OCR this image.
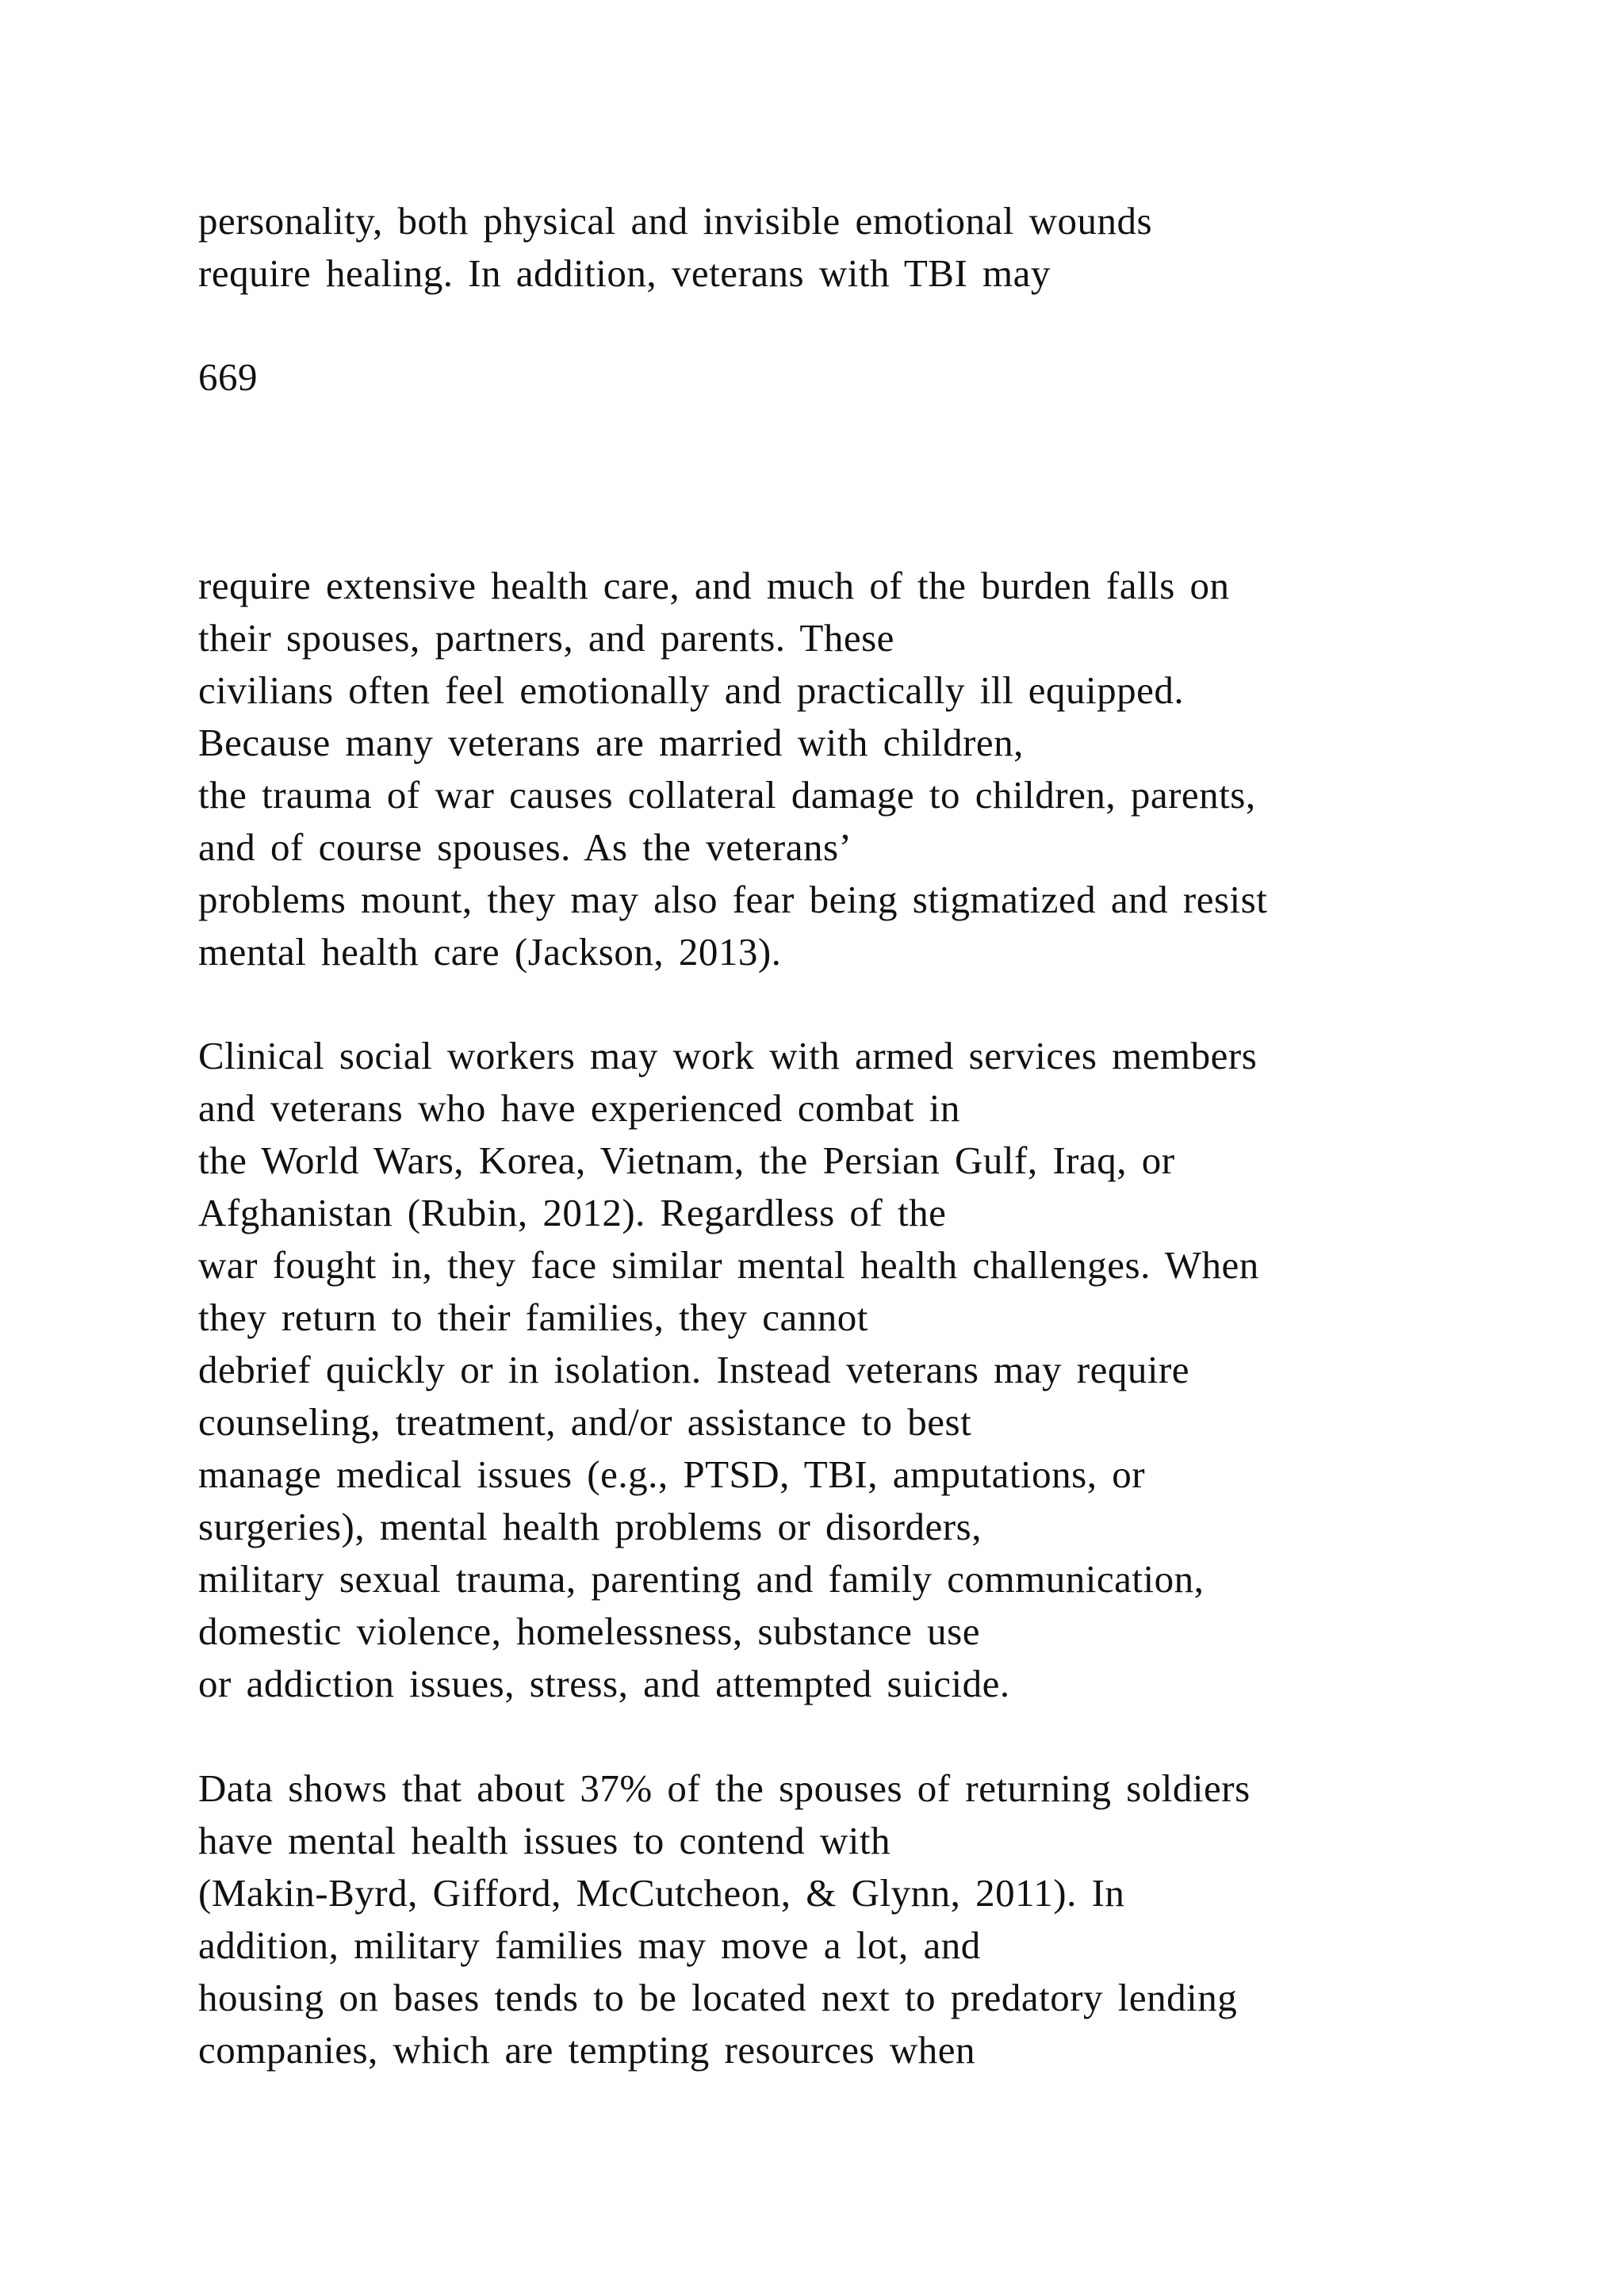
personality, both physical and invisible emotional wounds
require healing. In addition, veterans with TBI may
669
require extensive health care, and much of the burden falls on
their spouses, partners, and parents. These
civilians often feel emotionally and practically ill equipped.
Because many veterans are married with children,
the trauma of war causes collateral damage to children, parents,
and of course spouses. As the veterans’
problems mount, they may also fear being stigmatized and resist
mental health care (Jackson, 2013).
Clinical social workers may work with armed services members
and veterans who have experienced combat in
the World Wars, Korea, Vietnam, the Persian Gulf, Iraq, or
Afghanistan (Rubin, 2012). Regardless of the
war fought in, they face similar mental health challenges. When
they return to their families, they cannot
debrief quickly or in isolation. Instead veterans may require
counseling, treatment, and/or assistance to best
manage medical issues (e.g., PTSD, TBI, amputations, or
surgeries), mental health problems or disorders,
military sexual trauma, parenting and family communication,
domestic violence, homelessness, substance use
or addiction issues, stress, and attempted suicide.
Data shows that about 37% of the spouses of returning soldiers
have mental health issues to contend with
(Makin-Byrd, Gifford, McCutcheon, & Glynn, 2011). In
addition, military families may move a lot, and
housing on bases tends to be located next to predatory lending
companies, which are tempting resources when
